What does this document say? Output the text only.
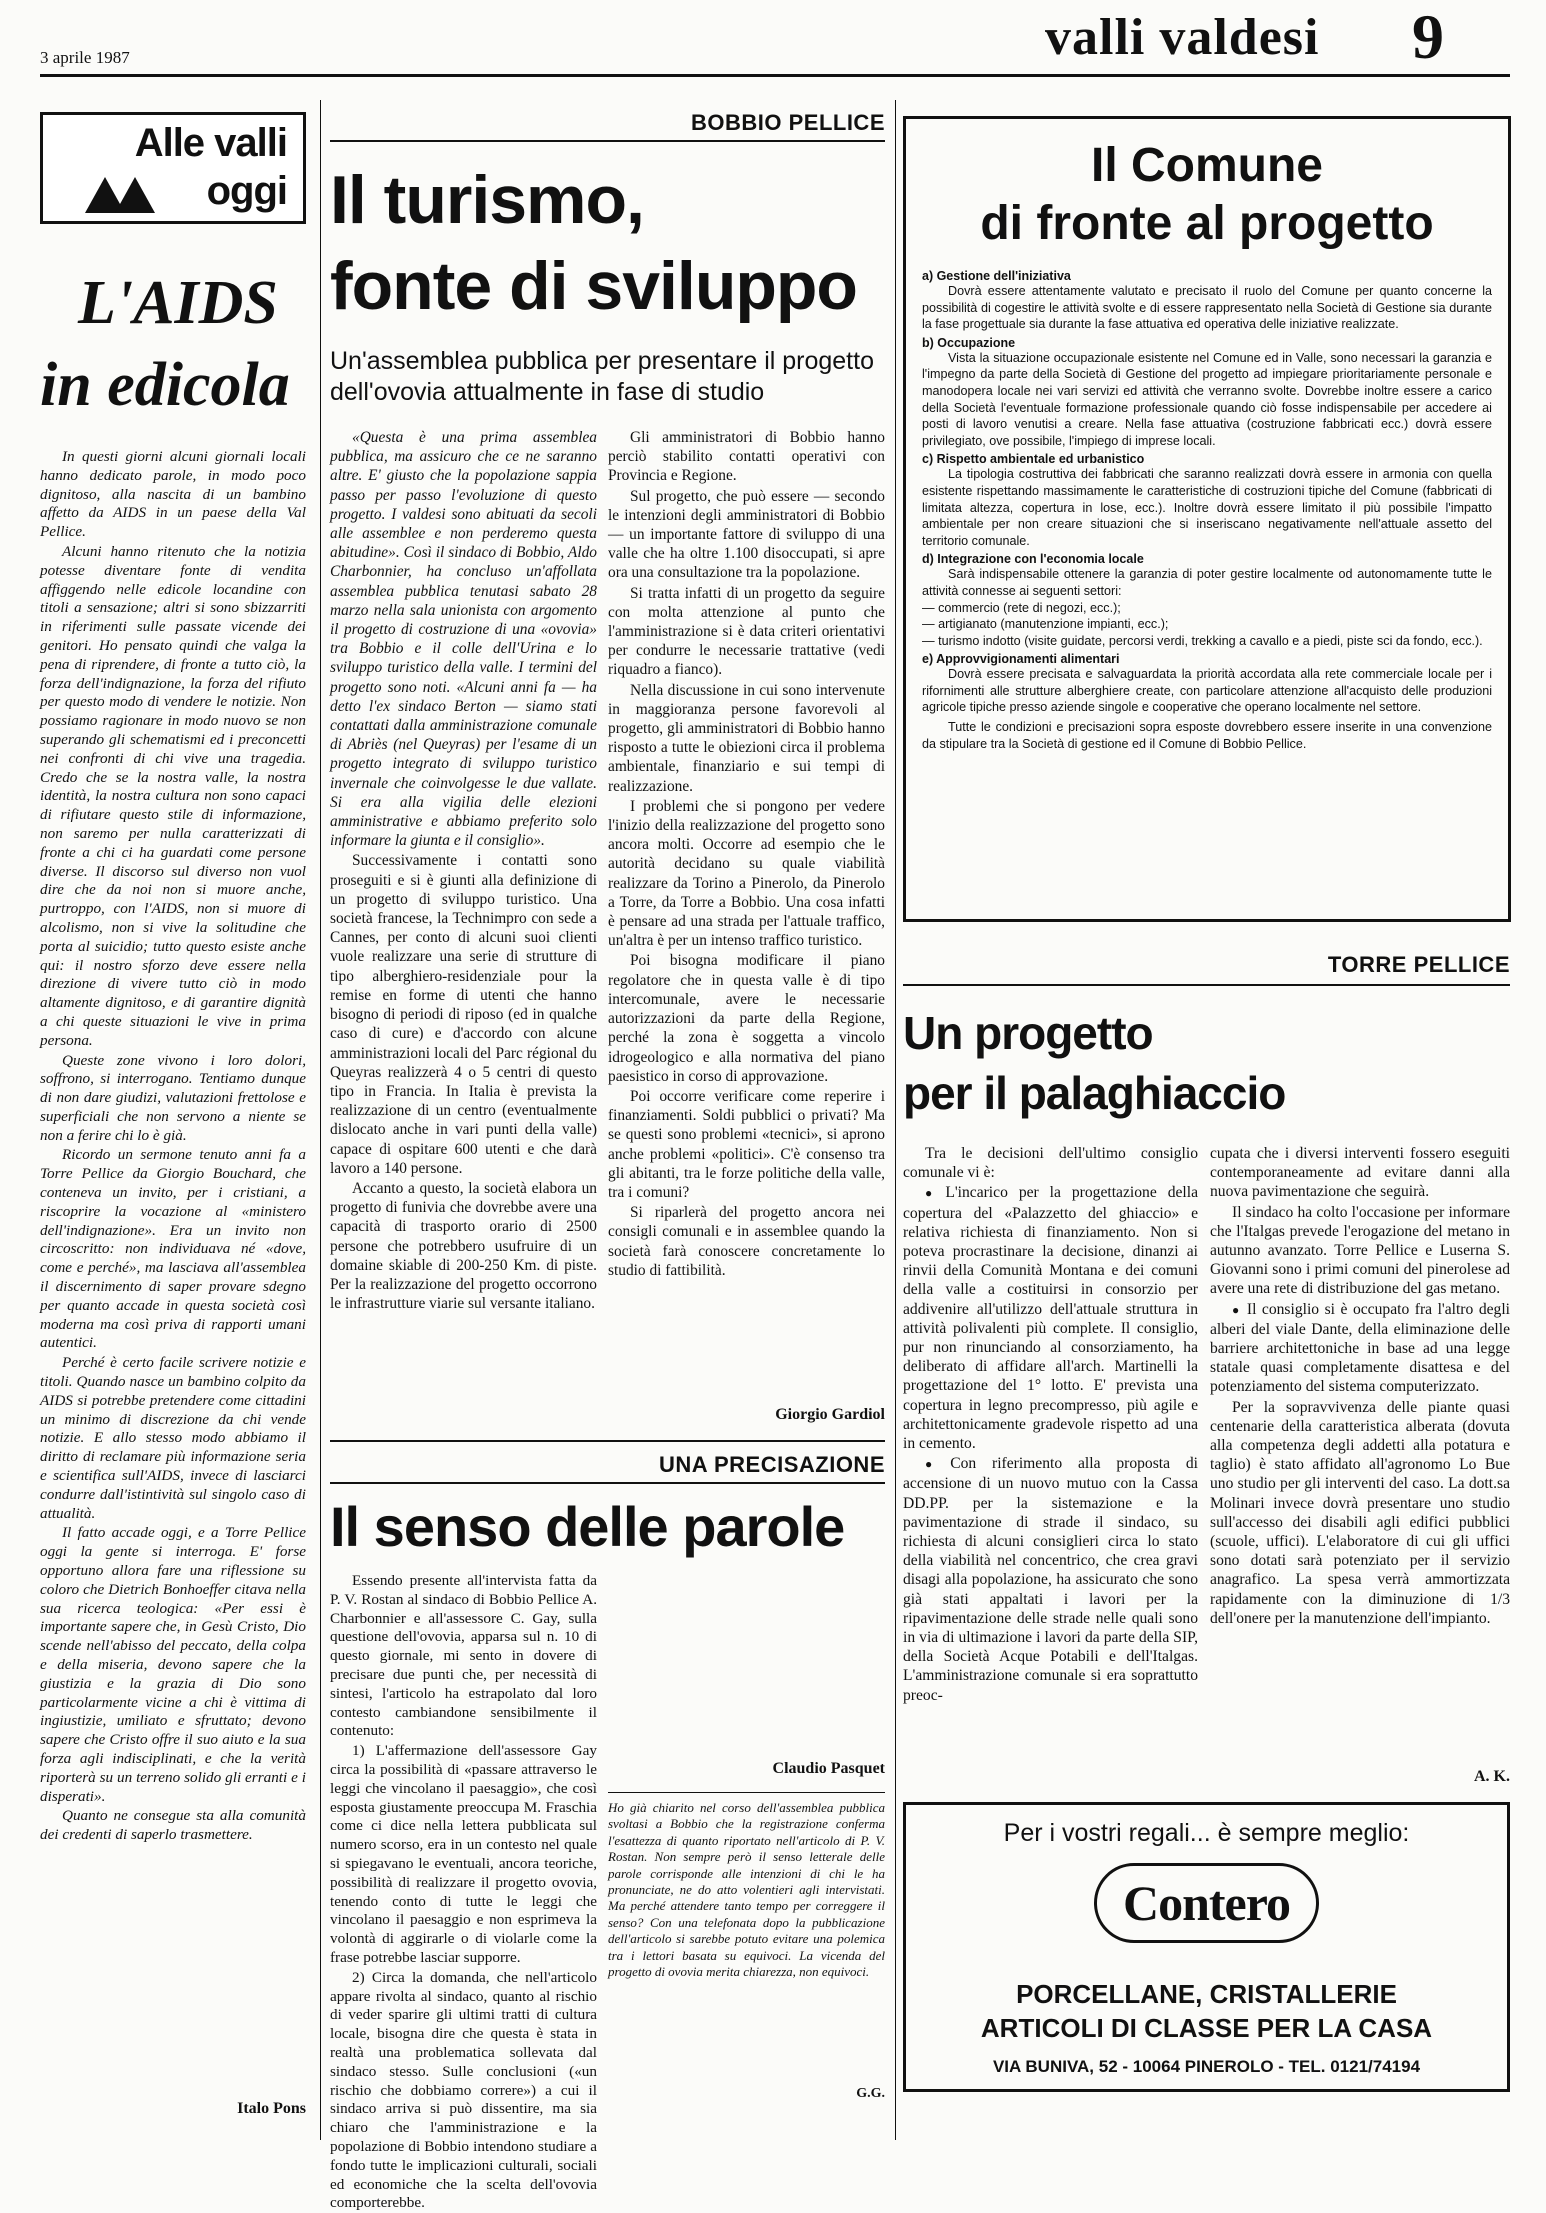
3 aprile 1987	valli valdesi 9
Alle valli
oggi
L'AIDS
in edicola

In questi giorni alcuni giornali locali hanno dedicato parole, in modo poco dignitoso, alla nascita di un bambino affetto da AIDS in un paese della Val Pellice.

Alcuni hanno ritenuto che la notizia potesse diventare fonte di vendita affiggendo nelle edicole locandine con titoli a sensazione; altri si sono sbizzarriti in riferimenti sulle passate vicende dei genitori. Ho pensato quindi che valga la pena di riprendere, di fronte a tutto ciò, la forza dell'indignazione, la forza del rifiuto per questo modo di vendere le notizie. Non possiamo ragionare in modo nuovo se non superando gli schematismi ed i preconcetti nei confronti di chi vive una tragedia. Credo che se la nostra valle, la nostra identità, la nostra cultura non sono capaci di rifiutare questo stile di informazione, non saremo per nulla caratterizzati di fronte a chi ci ha guardati come persone diverse. Il discorso sul diverso non vuol dire che da noi non si muore anche, purtroppo, con l'AIDS, non si muore di alcolismo, non si vive la solitudine che porta al suicidio; tutto questo esiste anche qui: il nostro sforzo deve essere nella direzione di vivere tutto ciò in modo altamente dignitoso, e di garantire dignità a chi queste situazioni le vive in prima persona.

Queste zone vivono i loro dolori, soffrono, si interrogano. Tentiamo dunque di non dare giudizi, valutazioni frettolose e superficiali che non servono a niente se non a ferire chi lo è già.

Ricordo un sermone tenuto anni fa a Torre Pellice da Giorgio Bouchard, che conteneva un invito, per i cristiani, a riscoprire la vocazione al «ministero dell'indignazione». Era un invito non circoscritto: non individuava né «dove, come e perché», ma lasciava all'assemblea il discernimento di saper provare sdegno per quanto accade in questa società così moderna ma così priva di rapporti umani autentici.

Perché è certo facile scrivere notizie e titoli. Quando nasce un bambino colpito da AIDS si potrebbe pretendere come cittadini un minimo di discrezione da chi vende notizie. E allo stesso modo abbiamo il diritto di reclamare più informazione seria e scientifica sull'AIDS, invece di lasciarci condurre dall'istintività sul singolo caso di attualità.

Il fatto accade oggi, e a Torre Pellice oggi la gente si interroga. E' forse opportuno allora fare una riflessione su coloro che Dietrich Bonhoeffer citava nella sua ricerca teologica: «Per essi è importante sapere che, in Gesù Cristo, Dio scende nell'abisso del peccato, della colpa e della miseria, devono sapere che la giustizia e la grazia di Dio sono particolarmente vicine a chi è vittima di ingiustizie, umiliato e sfruttato; devono sapere che Cristo offre il suo aiuto e la sua forza agli indisciplinati, e che la verità riporterà su un terreno solido gli erranti e i disperati».

Quanto ne consegue sta alla comunità dei credenti di saperlo trasmettere.

Italo Pons
BOBBIO PELLICE
Il turismo,
fonte di sviluppo
Un'assemblea pubblica per presentare il progetto dell'ovovia attualmente in fase di studio

«Questa è una prima assemblea pubblica, ma assicuro che ce ne saranno altre. E' giusto che la popolazione sappia passo per passo l'evoluzione di questo progetto. I valdesi sono abituati da secoli alle assemblee e non perderemo questa abitudine». Così il sindaco di Bobbio, Aldo Charbonnier, ha concluso un'affollata assemblea pubblica tenutasi sabato 28 marzo nella sala unionista con argomento il progetto di costruzione di una «ovovia» tra Bobbio e il colle dell'Urina e lo sviluppo turistico della valle. I termini del progetto sono noti. «Alcuni anni fa — ha detto l'ex sindaco Berton — siamo stati contattati dalla amministrazione comunale di Abriès (nel Queyras) per l'esame di un progetto integrato di sviluppo turistico invernale che coinvolgesse le due vallate. Si era alla vigilia delle elezioni amministrative e abbiamo preferito solo informare la giunta e il consiglio».

Successivamente i contatti sono proseguiti e si è giunti alla definizione di un progetto di sviluppo turistico. Una società francese, la Technimpro con sede a Cannes, per conto di alcuni suoi clienti vuole realizzare una serie di strutture di tipo alberghiero-residenziale pour la remise en forme di utenti che hanno bisogno di periodi di riposo (ed in qualche caso di cure) e d'accordo con alcune amministrazioni locali del Parc régional du Queyras realizzerà 4 o 5 centri di questo tipo in Francia. In Italia è prevista la realizzazione di un centro (eventualmente dislocato anche in vari punti della valle) capace di ospitare 600 utenti e che darà lavoro a 140 persone.

Accanto a questo, la società elabora un progetto di funivia che dovrebbe avere una capacità di trasporto orario di 2500 persone che potrebbero usufruire di un domaine skiable di 200-250 Km. di piste. Per la realizzazione del progetto occorrono le infrastrutture viarie sul versante italiano.

Gli amministratori di Bobbio hanno perciò stabilito contatti operativi con Provincia e Regione.

Sul progetto, che può essere — secondo le intenzioni degli amministratori di Bobbio — un importante fattore di sviluppo di una valle che ha oltre 1.100 disoccupati, si apre ora una consultazione tra la popolazione.

Si tratta infatti di un progetto da seguire con molta attenzione al punto che l'amministrazione si è data criteri orientativi per condurre le necessarie trattative (vedi riquadro a fianco).

Nella discussione in cui sono intervenute in maggioranza persone favorevoli al progetto, gli amministratori di Bobbio hanno risposto a tutte le obiezioni circa il problema ambientale, finanziario e sui tempi di realizzazione.

I problemi che si pongono per vedere l'inizio della realizzazione del progetto sono ancora molti. Occorre ad esempio che le autorità decidano su quale viabilità realizzare da Torino a Pinerolo, da Pinerolo a Torre, da Torre a Bobbio. Una cosa infatti è pensare ad una strada per l'attuale traffico, un'altra è per un intenso traffico turistico.

Poi bisogna modificare il piano regolatore che in questa valle è di tipo intercomunale, avere le necessarie autorizzazioni da parte della Regione, perché la zona è soggetta a vincolo idrogeologico e alla normativa del piano paesistico in corso di approvazione.

Poi occorre verificare come reperire i finanziamenti. Soldi pubblici o privati? Ma se questi sono problemi «tecnici», si aprono anche problemi «politici». C'è consenso tra gli abitanti, tra le forze politiche della valle, tra i comuni?

Si riparlerà del progetto ancora nei consigli comunali e in assemblee quando la società farà conoscere concretamente lo studio di fattibilità.

Giorgio Gardiol
UNA PRECISAZIONE
Il senso delle parole

Essendo presente all'intervista fatta da P. V. Rostan al sindaco di Bobbio Pellice A. Charbonnier e all'assessore C. Gay, sulla questione dell'ovovia, apparsa sul n. 10 di questo giornale, mi sento in dovere di precisare due punti che, per necessità di sintesi, l'articolo ha estrapolato dal loro contesto cambiandone sensibilmente il contenuto:

1) L'affermazione dell'assessore Gay circa la possibilità di «passare attraverso le leggi che vincolano il paesaggio», che così esposta giustamente preoccupa M. Fraschia come ci dice nella lettera pubblicata sul numero scorso, era in un contesto nel quale si spiegavano le eventuali, ancora teoriche, possibilità di realizzare il progetto ovovia, tenendo conto di tutte le leggi che vincolano il paesaggio e non esprimeva la volontà di aggirarle o di violarle come la frase potrebbe lasciar supporre.

2) Circa la domanda, che nell'articolo appare rivolta al sindaco, quanto al rischio di veder sparire gli ultimi tratti di cultura locale, bisogna dire che questa è stata in realtà una problematica sollevata dal sindaco stesso. Sulle conclusioni («un rischio che dobbiamo correre») a cui il sindaco arriva si può dissentire, ma sia chiaro che l'amministrazione e la popolazione di Bobbio intendono studiare a fondo tutte le implicazioni culturali, sociali ed economiche che la scelta dell'ovovia comporterebbe.

Claudio Pasquet
Ho già chiarito nel corso dell'assemblea pubblica svoltasi a Bobbio che la registrazione conferma l'esattezza di quanto riportato nell'articolo di P. V. Rostan. Non sempre però il senso letterale delle parole corrisponde alle intenzioni di chi le ha pronunciate, ne do atto volentieri agli intervistati. Ma perché attendere tanto tempo per correggere il senso? Con una telefonata dopo la pubblicazione dell'articolo si sarebbe potuto evitare una polemica tra i lettori basata su equivoci. La vicenda del progetto di ovovia merita chiarezza, non equivoci.
G.G.
Il Comune
di fronte al progetto
a) Gestione dell'iniziativa
Dovrà essere attentamente valutato e precisato il ruolo del Comune per quanto concerne la possibilità di cogestire le attività svolte e di essere rappresentato nella Società di Gestione sia durante la fase progettuale sia durante la fase attuativa ed operativa delle iniziative realizzate.
b) Occupazione
Vista la situazione occupazionale esistente nel Comune ed in Valle, sono necessari la garanzia e l'impegno da parte della Società di Gestione del progetto ad impiegare prioritariamente personale e manodopera locale nei vari servizi ed attività che verranno svolte. Dovrebbe inoltre essere a carico della Società l'eventuale formazione professionale quando ciò fosse indispensabile per accedere ai posti di lavoro venutisi a creare. Nella fase attuativa (costruzione fabbricati ecc.) dovrà essere privilegiato, ove possibile, l'impiego di imprese locali.
c) Rispetto ambientale ed urbanistico
La tipologia costruttiva dei fabbricati che saranno realizzati dovrà essere in armonia con quella esistente rispettando massimamente le caratteristiche di costruzioni tipiche del Comune (fabbricati di limitata altezza, copertura in lose, ecc.). Inoltre dovrà essere limitato il più possibile l'impatto ambientale per non creare situazioni che si inseriscano negativamente nell'attuale assetto del territorio comunale.
d) Integrazione con l'economia locale
Sarà indispensabile ottenere la garanzia di poter gestire localmente od autonomamente tutte le attività connesse ai seguenti settori:
— commercio (rete di negozi, ecc.);
— artigianato (manutenzione impianti, ecc.);
— turismo indotto (visite guidate, percorsi verdi, trekking a cavallo e a piedi, piste sci da fondo, ecc.).
e) Approvvigionamenti alimentari
Dovrà essere precisata e salvaguardata la priorità accordata alla rete commerciale locale per i rifornimenti alle strutture alberghiere create, con particolare attenzione all'acquisto delle produzioni agricole tipiche presso aziende singole e cooperative che operano localmente nel settore.
Tutte le condizioni e precisazioni sopra esposte dovrebbero essere inserite in una convenzione da stipulare tra la Società di gestione ed il Comune di Bobbio Pellice.
TORRE PELLICE
Un progetto
per il palaghiaccio

Tra le decisioni dell'ultimo consiglio comunale vi è:

● L'incarico per la progettazione della copertura del «Palazzetto del ghiaccio» e relativa richiesta di finanziamento. Non si poteva procrastinare la decisione, dinanzi ai rinvii della Comunità Montana e dei comuni della valle a costituirsi in consorzio per addivenire all'utilizzo dell'attuale struttura in attività polivalenti più complete. Il consiglio, pur non rinunciando al consorziamento, ha deliberato di affidare all'arch. Martinelli la progettazione del 1° lotto. E' prevista una copertura in legno precompresso, più agile e architettonicamente gradevole rispetto ad una in cemento.

● Con riferimento alla proposta di accensione di un nuovo mutuo con la Cassa DD.PP. per la sistemazione e la pavimentazione di strade il sindaco, su richiesta di alcuni consiglieri circa lo stato della viabilità nel concentrico, che crea gravi disagi alla popolazione, ha assicurato che sono già stati appaltati i lavori per la ripavimentazione delle strade nelle quali sono in via di ultimazione i lavori da parte della SIP, della Società Acque Potabili e dell'Italgas. L'amministrazione comunale si era soprattutto preoc-

cupata che i diversi interventi fossero eseguiti contemporaneamente ad evitare danni alla nuova pavimentazione che seguirà.

Il sindaco ha colto l'occasione per informare che l'Italgas prevede l'erogazione del metano in autunno avanzato. Torre Pellice e Luserna S. Giovanni sono i primi comuni del pinerolese ad avere una rete di distribuzione del gas metano.

● Il consiglio si è occupato fra l'altro degli alberi del viale Dante, della eliminazione delle barriere architettoniche in base ad una legge statale quasi completamente disattesa e del potenziamento del sistema computerizzato.

Per la sopravvivenza delle piante quasi centenarie della caratteristica alberata (dovuta alla competenza degli addetti alla potatura e taglio) è stato affidato all'agronomo Lo Bue uno studio per gli interventi del caso. La dott.sa Molinari invece dovrà presentare uno studio sull'accesso dei disabili agli edifici pubblici (scuole, uffici). L'elaboratore di cui gli uffici sono dotati sarà potenziato per il servizio anagrafico. La spesa verrà ammortizzata rapidamente con la diminuzione di 1/3 dell'onere per la manutenzione dell'impianto.

A. K.
Per i vostri regali... è sempre meglio:
Contero
PORCELLANE, CRISTALLERIE
ARTICOLI DI CLASSE PER LA CASA
VIA BUNIVA, 52 - 10064 PINEROLO - TEL. 0121/74194
